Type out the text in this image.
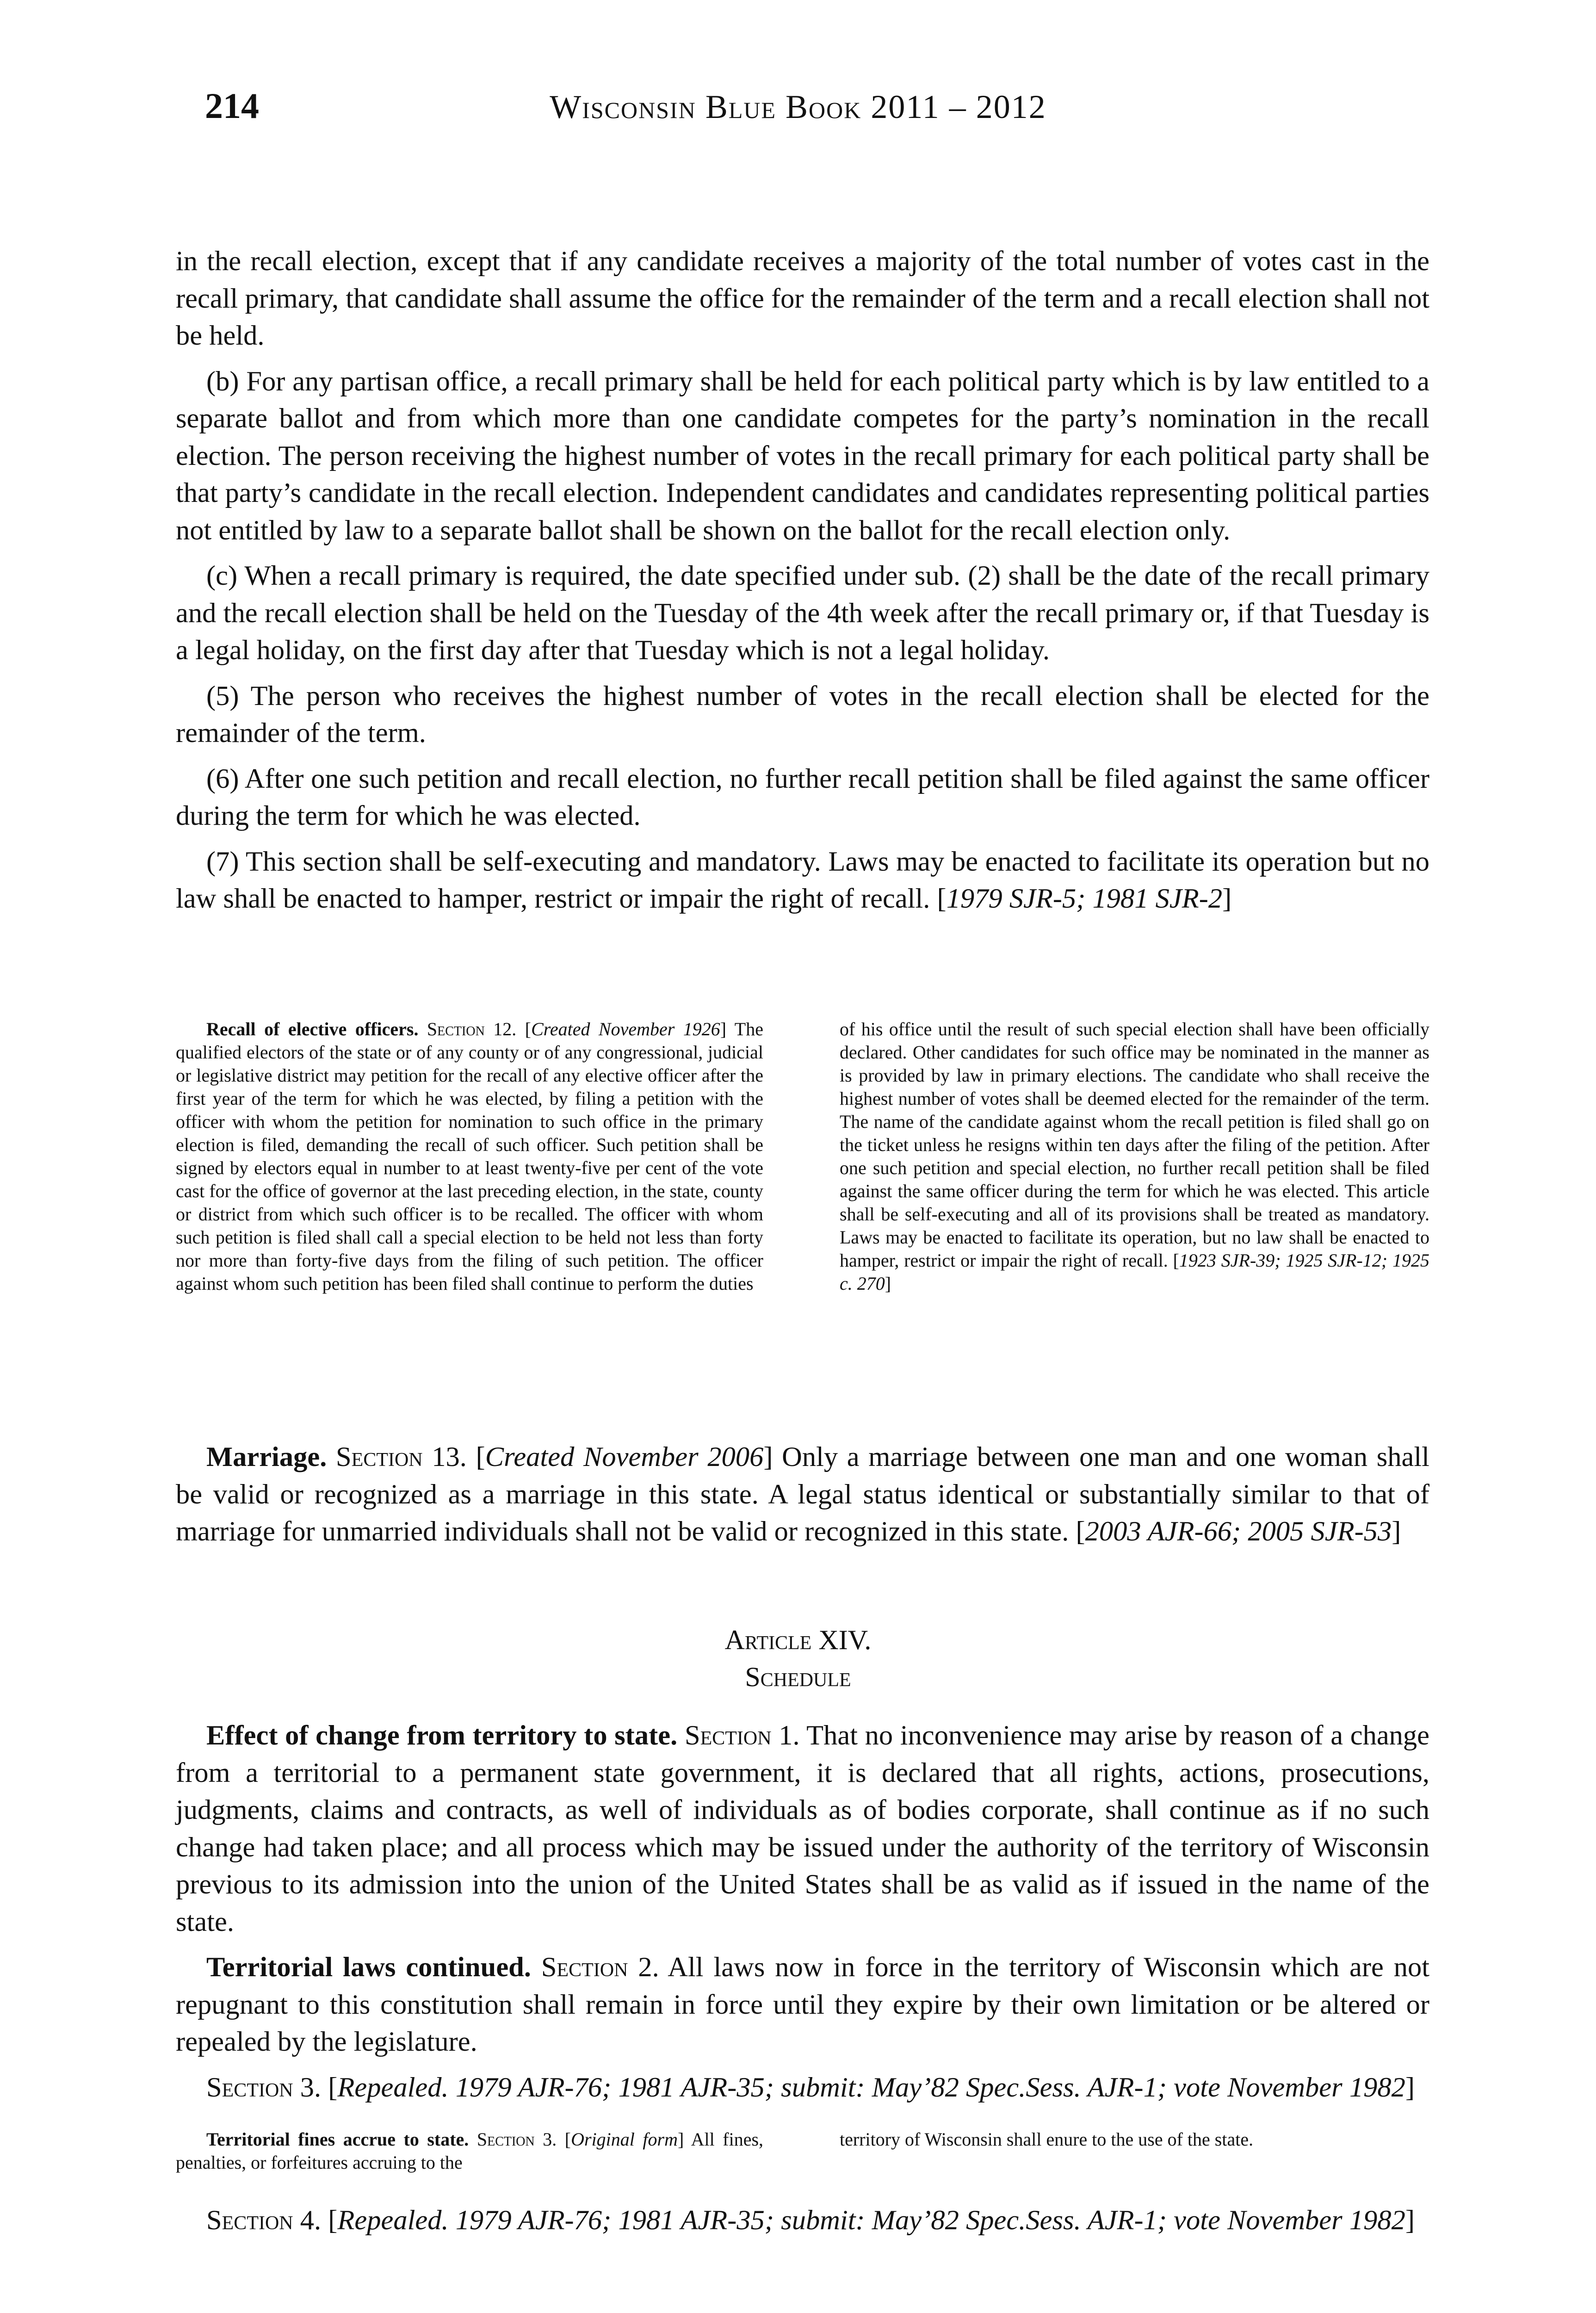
214	Wisconsin Blue Book 2011 – 2012

in the recall election, except that if any candidate receives a majority of the total number of votes cast in the recall primary, that candidate shall assume the office for the remainder of the term and a recall election shall not be held.

(b) For any partisan office, a recall primary shall be held for each political party which is by law entitled to a separate ballot and from which more than one candidate competes for the party’s nomination in the recall election. The person receiving the highest number of votes in the recall primary for each political party shall be that party’s candidate in the recall election. Independent candidates and candidates representing political parties not entitled by law to a separate ballot shall be shown on the ballot for the recall election only.

(c) When a recall primary is required, the date specified under sub. (2) shall be the date of the recall primary and the recall election shall be held on the Tuesday of the 4th week after the recall primary or, if that Tuesday is a legal holiday, on the first day after that Tuesday which is not a legal holiday.

(5) The person who receives the highest number of votes in the recall election shall be elected for the remainder of the term.

(6) After one such petition and recall election, no further recall petition shall be filed against the same officer during the term for which he was elected.

(7) This section shall be self-executing and mandatory. Laws may be enacted to facilitate its operation but no law shall be enacted to hamper, restrict or impair the right of recall. [1979 SJR-5; 1981 SJR-2]

Recall of elective officers. Section 12. [Created November 1926] The qualified electors of the state or of any county or of any congressional, judicial or legislative district may petition for the recall of any elective officer after the first year of the term for which he was elected, by filing a petition with the officer with whom the petition for nomination to such office in the primary election is filed, demanding the recall of such officer. Such petition shall be signed by electors equal in number to at least twenty-five per cent of the vote cast for the office of governor at the last preceding election, in the state, county or district from which such officer is to be recalled. The officer with whom such petition is filed shall call a special election to be held not less than forty nor more than forty-five days from the filing of such petition. The officer against whom such petition has been filed shall continue to perform the duties

of his office until the result of such special election shall have been officially declared. Other candidates for such office may be nominated in the manner as is provided by law in primary elections. The candidate who shall receive the highest number of votes shall be deemed elected for the remainder of the term. The name of the candidate against whom the recall petition is filed shall go on the ticket unless he resigns within ten days after the filing of the petition. After one such petition and special election, no further recall petition shall be filed against the same officer during the term for which he was elected. This article shall be self-executing and all of its provisions shall be treated as mandatory. Laws may be enacted to facilitate its operation, but no law shall be enacted to hamper, restrict or impair the right of recall. [1923 SJR-39; 1925 SJR-12; 1925 c. 270]

Marriage. Section 13. [Created November 2006] Only a marriage between one man and one woman shall be valid or recognized as a marriage in this state. A legal status identical or substantially similar to that of marriage for unmarried individuals shall not be valid or recognized in this state. [2003 AJR-66; 2005 SJR-53]

Article XIV.
Schedule

Effect of change from territory to state. Section 1. That no inconvenience may arise by reason of a change from a territorial to a permanent state government, it is declared that all rights, actions, prosecutions, judgments, claims and contracts, as well of individuals as of bodies corporate, shall continue as if no such change had taken place; and all process which may be issued under the authority of the territory of Wisconsin previous to its admission into the union of the United States shall be as valid as if issued in the name of the state.

Territorial laws continued. Section 2. All laws now in force in the territory of Wisconsin which are not repugnant to this constitution shall remain in force until they expire by their own limitation or be altered or repealed by the legislature.

Section 3. [Repealed. 1979 AJR-76; 1981 AJR-35; submit: May’82 Spec.Sess. AJR-1; vote November 1982]

Territorial fines accrue to state. Section 3. [Original form] All fines, penalties, or forfeitures accruing to the

territory of Wisconsin shall enure to the use of the state.

Section 4. [Repealed. 1979 AJR-76; 1981 AJR-35; submit: May’82 Spec.Sess. AJR-1; vote November 1982]
